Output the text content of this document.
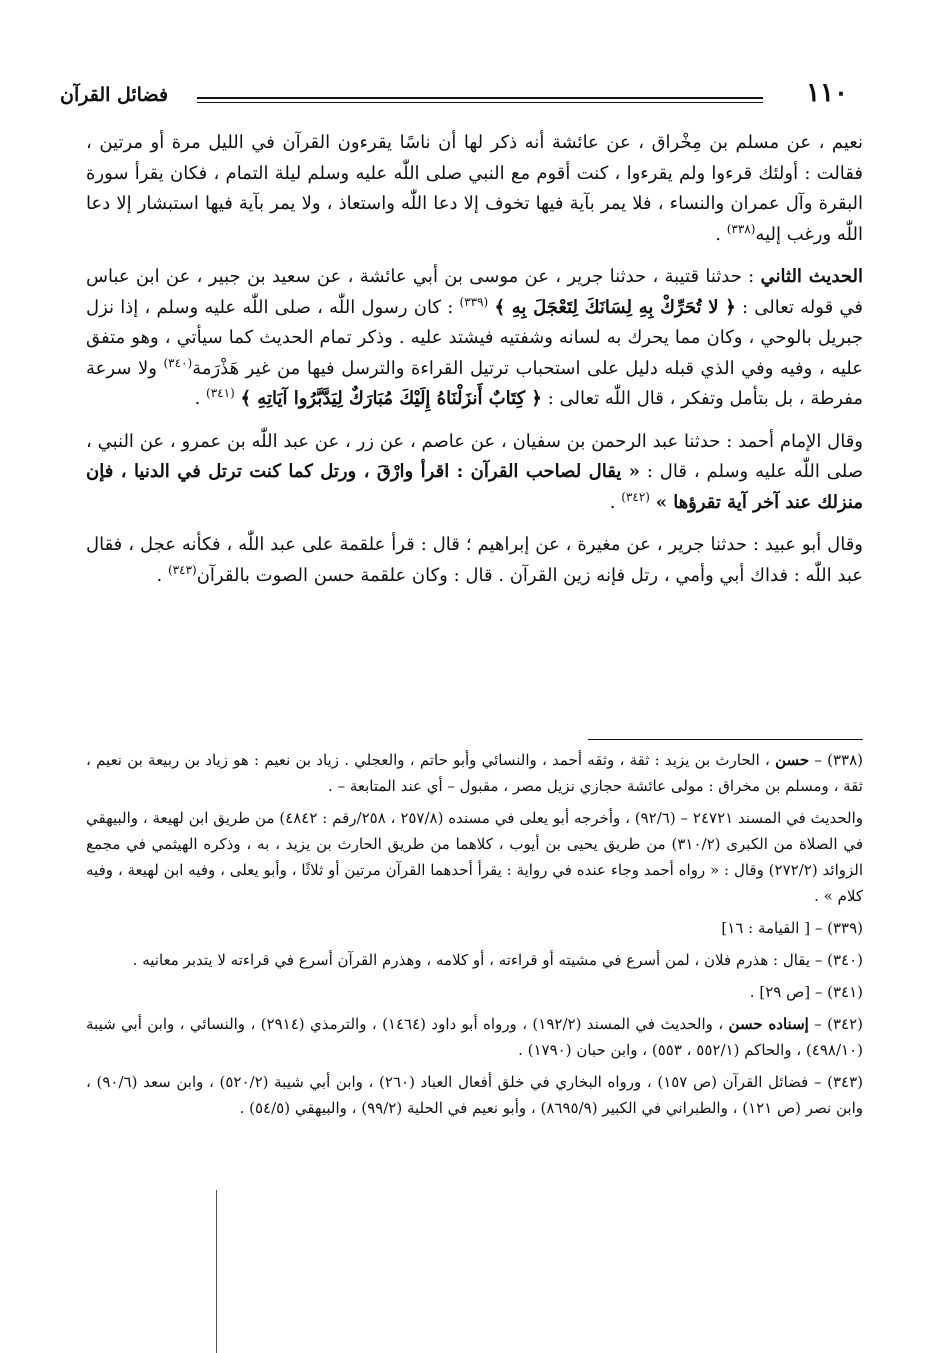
١١٠
فضائل القرآن

نعيم ، عن مسلم بن مِخْراق ، عن عائشة أنه ذكر لها أن ناسًا يقرءون القرآن في الليل مرة أو مرتين ، فقالت : أولئك قرءوا ولم يقرءوا ، كنت أقوم مع النبي صلى اللّٰه عليه وسلم ليلة التمام ، فكان يقرأ سورة البقرة وآل عمران والنساء ، فلا يمر بآية فيها تخوف إلا دعا اللّٰه واستعاذ ، ولا يمر بآية فيها استبشار إلا دعا اللّٰه ورغب إليه$^{(٣٣٨)}$ .

الحديث الثاني : حدثنا قتيبة ، حدثنا جرير ، عن موسى بن أبي عائشة ، عن سعيد بن جبير ، عن ابن عباس في قوله تعالى : ﴿ لا تُحَرِّكْ بِهِ لِسَانَكَ لِتَعْجَلَ بِهِ ﴾ $^{(٣٣٩)}$ : كان رسول اللّٰه ، صلى اللّٰه عليه وسلم ، إذا نزل جبريل بالوحي ، وكان مما يحرك به لسانه وشفتيه فيشتد عليه . وذكر تمام الحديث كما سيأتي ، وهو متفق عليه ، وفيه وفي الذي قبله دليل على استحباب ترتيل القراءة والترسل فيها من غير هَذْرَمة$^{(٣٤٠)}$ ولا سرعة مفرطة ، بل بتأمل وتفكر ، قال اللّٰه تعالى : ﴿ كِتَابٌ أَنزَلْنَاهُ إِلَيْكَ مُبَارَكٌ لِيَدَّبَّرُوا آيَاتِهِ ﴾ $^{(٣٤١)}$ .

وقال الإمام أحمد : حدثنا عبد الرحمن بن سفيان ، عن عاصم ، عن زر ، عن عبد اللّٰه بن عمرو ، عن النبي ، صلى اللّٰه عليه وسلم ، قال : « يقال لصاحب القرآن : اقرأ وارْقَ ، ورتل كما كنت ترتل في الدنيا ، فإن منزلك عند آخر آية تقرؤها » $^{(٣٤٢)}$ .

وقال أبو عبيد : حدثنا جرير ، عن مغيرة ، عن إبراهيم ؛ قال : قرأ علقمة على عبد اللّٰه ، فكأنه عجل ، فقال عبد اللّٰه : فداك أبي وأمي ، رتل فإنه زين القرآن . قال : وكان علقمة حسن الصوت بالقرآن$^{(٣٤٣)}$ .

(٣٣٨) – حسن ، الحارث بن يزيد : ثقة ، وثقه أحمد ، والنسائي وأبو حاتم ، والعجلي . زياد بن نعيم : هو زياد بن ربيعة بن نعيم ، ثقة ، ومسلم بن مخراق : مولى عائشة حجازي نزيل مصر ، مقبول – أي عند المتابعة – .

والحديث في المسند ٢٤٧٢١ – (٩٢/٦) ، وأخرجه أبو يعلى في مسنده (٢٥٧/٨ ، ٢٥٨/رقم : ٤٨٤٢) من طريق ابن لهيعة ، والبيهقي في الصلاة من الكبرى (٣١٠/٢) من طريق يحيى بن أيوب ، كلاهما من طريق الحارث بن يزيد ، به ، وذكره الهيثمي في مجمع الزوائد (٢٧٢/٢) وقال : « رواه أحمد وجاء عنده في رواية : يقرأ أحدهما القرآن مرتين أو ثلاثًا ، وأبو يعلى ، وفيه ابن لهيعة ، وفيه كلام » .

(٣٣٩) – [ القيامة : ١٦]

(٣٤٠) – يقال : هذرم فلان ، لمن أسرع في مشيته أو قراءته ، أو كلامه ، وهذرم القرآن أسرع في قراءته لا يتدبر معانيه .

(٣٤١) – [ص ٢٩] .

(٣٤٢) – إسناده حسن ، والحديث في المسند (١٩٢/٢) ، ورواه أبو داود (١٤٦٤) ، والترمذي (٢٩١٤) ، والنسائي ، وابن أبي شيبة (٤٩٨/١٠) ، والحاكم (٥٥٢/١ ، ٥٥٣) ، وابن حبان (١٧٩٠) .

(٣٤٣) – فضائل القرآن (ص ١٥٧) ، ورواه البخاري في خلق أفعال العباد (٢٦٠) ، وابن أبي شيبة (٥٢٠/٢) ، وابن سعد (٩٠/٦) ، وابن نصر (ص ١٢١) ، والطبراني في الكبير (٨٦٩٥/٩) ، وأبو نعيم في الحلية (٩٩/٢) ، والبيهقي (٥٤/٥) .
